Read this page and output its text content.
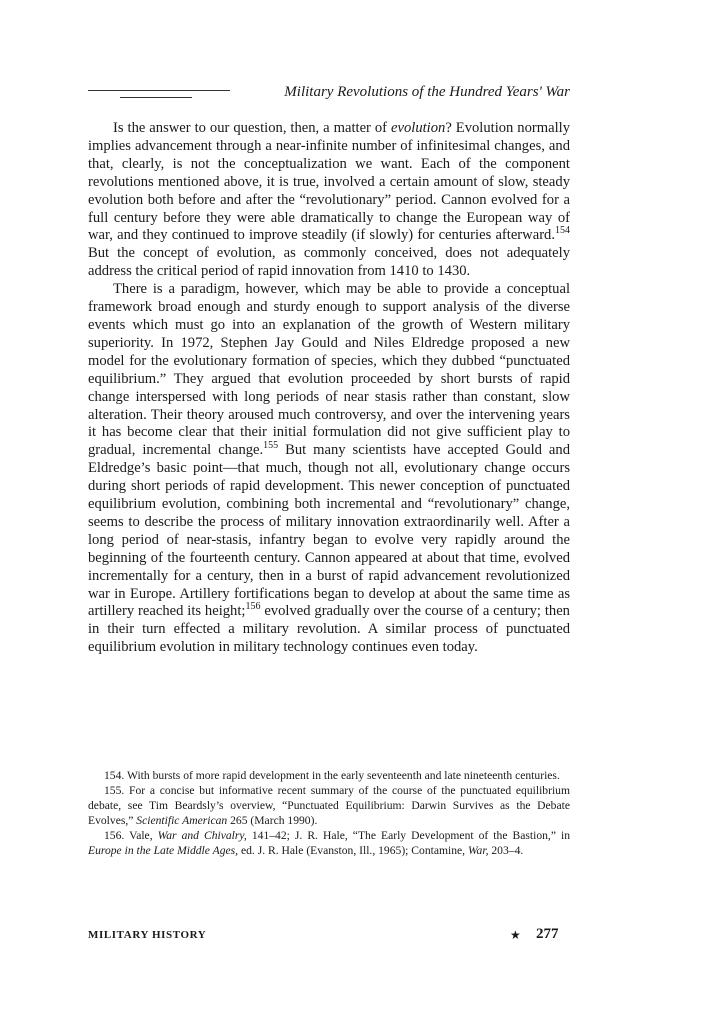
Military Revolutions of the Hundred Years' War

Is the answer to our question, then, a matter of evolution? Evolution normally implies advancement through a near-infinite number of infinitesimal changes, and that, clearly, is not the conceptualization we want. Each of the component revolutions mentioned above, it is true, involved a certain amount of slow, steady evolution both before and after the “revolutionary” period. Cannon evolved for a full century before they were able dramatically to change the European way of war, and they continued to improve steadily (if slowly) for centuries afterward.$^{154}$ But the concept of evolution, as commonly conceived, does not adequately address the critical period of rapid innovation from 1410 to 1430.

There is a paradigm, however, which may be able to provide a conceptual framework broad enough and sturdy enough to support analysis of the diverse events which must go into an explanation of the growth of Western military superiority. In 1972, Stephen Jay Gould and Niles Eldredge proposed a new model for the evolutionary formation of species, which they dubbed “punctuated equilibrium.” They argued that evolution proceeded by short bursts of rapid change interspersed with long periods of near stasis rather than constant, slow alteration. Their theory aroused much controversy, and over the intervening years it has become clear that their initial formulation did not give sufficient play to gradual, incremental change.$^{155}$ But many scientists have accepted Gould and Eldredge’s basic point—that much, though not all, evolutionary change occurs during short periods of rapid development. This newer conception of punctuated equilibrium evolution, combining both incremental and “revolutionary” change, seems to describe the process of military innovation extraordinarily well. After a long period of near-stasis, infantry began to evolve very rapidly around the beginning of the fourteenth century. Cannon appeared at about that time, evolved incrementally for a century, then in a burst of rapid advancement revolutionized war in Europe. Artillery fortifications began to develop at about the same time as artillery reached its height;$^{156}$ evolved gradually over the course of a century; then in their turn effected a military revolution. A similar process of punctuated equilibrium evolution in military technology continues even today.

154. With bursts of more rapid development in the early seventeenth and late nineteenth centuries.

155. For a concise but informative recent summary of the course of the punctuated equilibrium debate, see Tim Beardsly’s overview, “Punctuated Equilibrium: Darwin Survives as the Debate Evolves,” Scientific American 265 (March 1990).

156. Vale, War and Chivalry, 141–42; J. R. Hale, “The Early Development of the Bastion,” in Europe in the Late Middle Ages, ed. J. R. Hale (Evanston, Ill., 1965); Contamine, War, 203–4.

MILITARY HISTORY	★ 277
